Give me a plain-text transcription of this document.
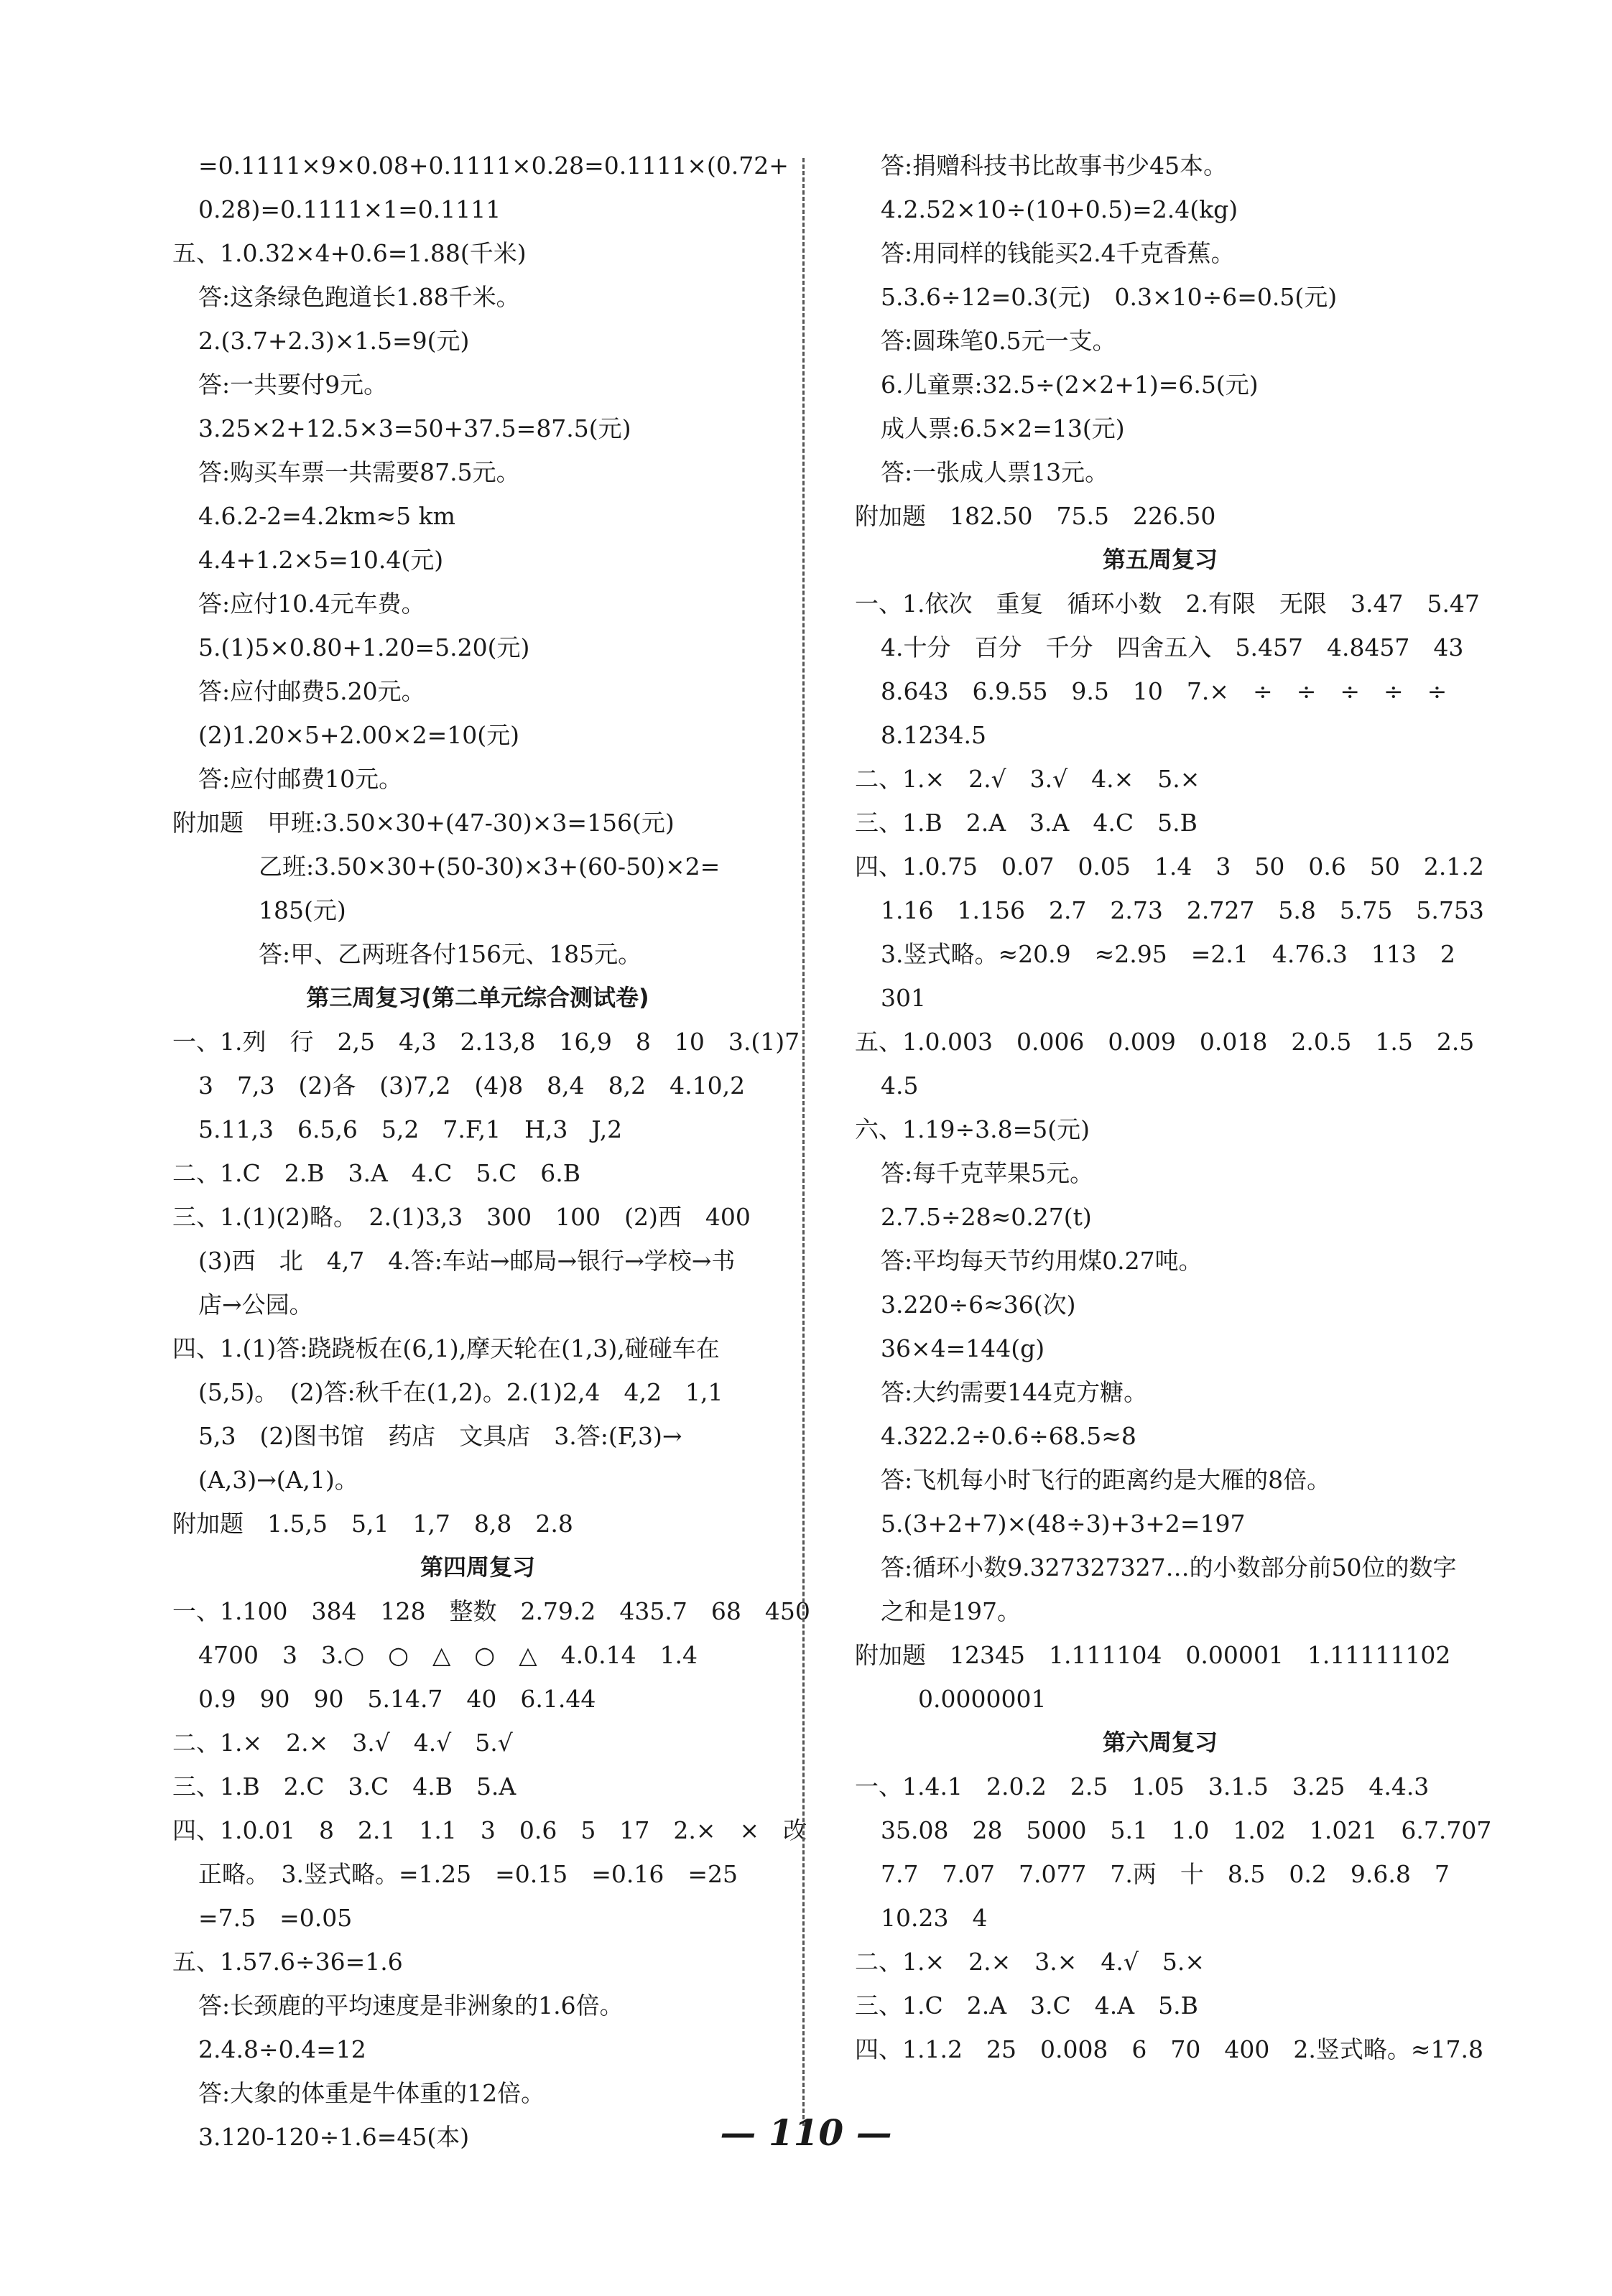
=0.1111×9×0.08+0.1111×0.28=0.1111×(0.72+
0.28)=0.1111×1=0.1111
五、1.0.32×4+0.6=1.88(千米)
答:这条绿色跑道长1.88千米。
2.(3.7+2.3)×1.5=9(元)
答:一共要付9元。
3.25×2+12.5×3=50+37.5=87.5(元)
答:购买车票一共需要87.5元。
4.6.2-2=4.2km≈5 km
4.4+1.2×5=10.4(元)
答:应付10.4元车费。
5.(1)5×0.80+1.20=5.20(元)
答:应付邮费5.20元。
(2)1.20×5+2.00×2=10(元)
答:应付邮费10元。
附加题　甲班:3.50×30+(47-30)×3=156(元)
乙班:3.50×30+(50-30)×3+(60-50)×2=
185(元)
答:甲、乙两班各付156元、185元。
第三周复习(第二单元综合测试卷)
一、1.列　行　2,5　4,3　2.13,8　16,9　8　10　3.(1)7
3　7,3　(2)各　(3)7,2　(4)8　8,4　8,2　4.10,2
5.11,3　6.5,6　5,2　7.F,1　H,3　J,2
二、1.C　2.B　3.A　4.C　5.C　6.B
三、1.(1)(2)略。　2.(1)3,3　300　100　(2)西　400
(3)西　北　4,7　4.答:车站→邮局→银行→学校→书
店→公园。
四、1.(1)答:跷跷板在(6,1),摩天轮在(1,3),碰碰车在
(5,5)。　(2)答:秋千在(1,2)。2.(1)2,4　4,2　1,1
5,3　(2)图书馆　药店　文具店　3.答:(F,3)→
(A,3)→(A,1)。
附加题　1.5,5　5,1　1,7　8,8　2.8
第四周复习
一、1.100　384　128　整数　2.79.2　435.7　68　450
4700　3　3.○　○　△　○　△　4.0.14　1.4
0.9　90　90　5.14.7　40　6.1.44
二、1.×　2.×　3.√　4.√　5.√
三、1.B　2.C　3.C　4.B　5.A
四、1.0.01　8　2.1　1.1　3　0.6　5　17　2.×　×　改
正略。　3.竖式略。=1.25　=0.15　=0.16　=25
=7.5　=0.05
五、1.57.6÷36=1.6
答:长颈鹿的平均速度是非洲象的1.6倍。
2.4.8÷0.4=12
答:大象的体重是牛体重的12倍。
3.120-120÷1.6=45(本)
答:捐赠科技书比故事书少45本。
4.2.52×10÷(10+0.5)=2.4(kg)
答:用同样的钱能买2.4千克香蕉。
5.3.6÷12=0.3(元)　0.3×10÷6=0.5(元)
答:圆珠笔0.5元一支。
6.儿童票:32.5÷(2×2+1)=6.5(元)
成人票:6.5×2=13(元)
答:一张成人票13元。
附加题　182.50　75.5　226.50
第五周复习
一、1.依次　重复　循环小数　2.有限　无限　3.47　5.47
4.十分　百分　千分　四舍五入　5.457　4.8457　43
8.643　6.9.55　9.5　10　7.×　÷　÷　÷　÷　÷
8.1234.5
二、1.×　2.√　3.√　4.×　5.×
三、1.B　2.A　3.A　4.C　5.B
四、1.0.75　0.07　0.05　1.4　3　50　0.6　50　2.1.2
1.16　1.156　2.7　2.73　2.727　5.8　5.75　5.753
3.竖式略。≈20.9　≈2.95　=2.1　4.76.3　113　2
301
五、1.0.003　0.006　0.009　0.018　2.0.5　1.5　2.5
4.5
六、1.19÷3.8=5(元)
答:每千克苹果5元。
2.7.5÷28≈0.27(t)
答:平均每天节约用煤0.27吨。
3.220÷6≈36(次)
36×4=144(g)
答:大约需要144克方糖。
4.322.2÷0.6÷68.5≈8
答:飞机每小时飞行的距离约是大雁的8倍。
5.(3+2+7)×(48÷3)+3+2=197
答:循环小数9.327327327…的小数部分前50位的数字
之和是197。
附加题　12345　1.111104　0.00001　1.11111102
0.0000001
第六周复习
一、1.4.1　2.0.2　2.5　1.05　3.1.5　3.25　4.4.3
35.08　28　5000　5.1　1.0　1.02　1.021　6.7.707
7.7　7.07　7.077　7.两　十　8.5　0.2　9.6.8　7
10.23　4
二、1.×　2.×　3.×　4.√　5.×
三、1.C　2.A　3.C　4.A　5.B
四、1.1.2　25　0.008　6　70　400　2.竖式略。≈17.8
— 110 —
